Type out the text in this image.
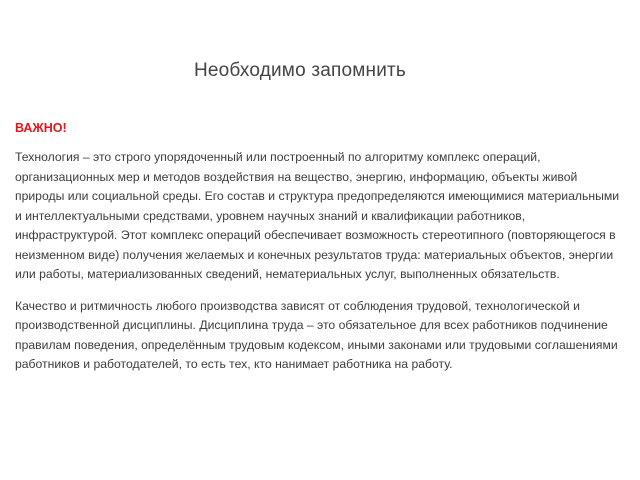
Необходимо запомнить
ВАЖНО!

Технология – это строго упорядоченный или построенный по алгоритму комплекс операций, организационных мер и методов воздействия на вещество, энергию, информацию, объекты живой природы или социальной среды. Его состав и структура предопределяются имеющимися материальными и интеллектуальными средствами, уровнем научных знаний и квалификации работников, инфраструктурой. Этот комплекс операций обеспечивает возможность стереотипного (повторяющегося в неизменном виде) получения желаемых и конечных результатов труда: материальных объектов, энергии или работы, материализованных сведений, нематериальных услуг, выполненных обязательств.

Качество и ритмичность любого производства зависят от соблюдения трудовой, технологической и производственной дисциплины. Дисциплина труда – это обязательное для всех работников подчинение правилам поведения, определённым трудовым кодексом, иными законами или трудовыми соглашениями работников и работодателей, то есть тех, кто нанимает работника на работу.
